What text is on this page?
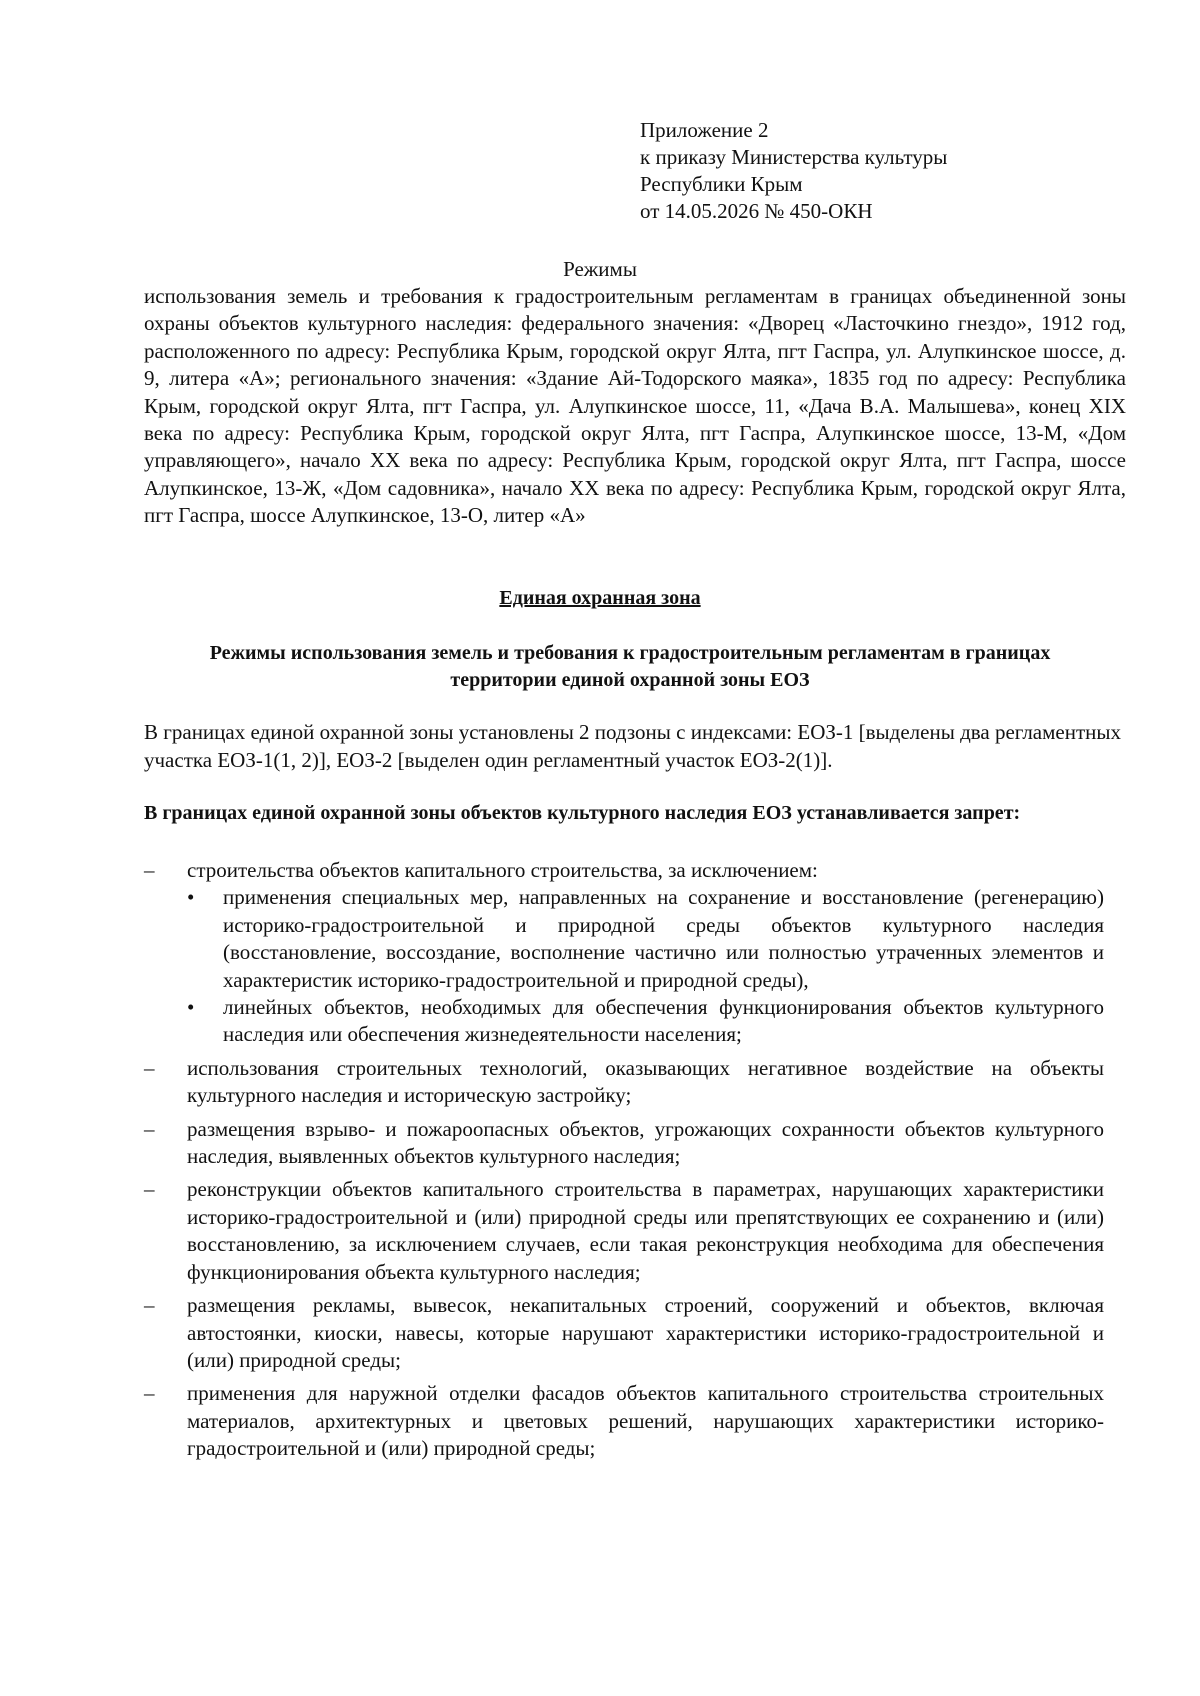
Приложение 2
к приказу Министерства культуры
Республики Крым
от 14.05.2026 № 450-ОКН
Режимы

использования земель и требования к градостроительным регламентам в границах объединенной зоны охраны объектов культурного наследия: федерального значения: «Дворец «Ласточкино гнездо», 1912 год, расположенного по адресу: Республика Крым, городской округ Ялта, пгт Гаспра, ул. Алупкинское шоссе, д. 9, литера «А»; регионального значения: «Здание Ай-Тодорского маяка», 1835 год по адресу: Республика Крым, городской округ Ялта, пгт Гаспра, ул. Алупкинское шоссе, 11, «Дача В.А. Малышева», конец XIX века по адресу: Республика Крым, городской округ Ялта, пгт Гаспра, Алупкинское шоссе, 13-М, «Дом управляющего», начало XX века по адресу: Республика Крым, городской округ Ялта, пгт Гаспра, шоссе Алупкинское, 13-Ж, «Дом садовника», начало XX века по адресу: Республика Крым, городской округ Ялта, пгт Гаспра, шоссе Алупкинское, 13-О, литер «А»

Единая охранная зона

Режимы использования земель и требования к градостроительным регламентам в границах территории единой охранной зоны ЕОЗ

В границах единой охранной зоны установлены 2 подзоны с индексами: ЕОЗ-1 [выделены два регламентных участка ЕОЗ-1(1, 2)], ЕОЗ-2 [выделен один регламентный участок ЕОЗ-2(1)].

В границах единой охранной зоны объектов культурного наследия ЕОЗ устанавливается запрет:

– строительства объектов капитального строительства, за исключением:
• применения специальных мер, направленных на сохранение и восстановление (регенерацию) историко-градостроительной и природной среды объектов культурного наследия (восстановление, воссоздание, восполнение частично или полностью утраченных элементов и характеристик историко-градостроительной и природной среды),
• линейных объектов, необходимых для обеспечения функционирования объектов культурного наследия или обеспечения жизнедеятельности населения;
– использования строительных технологий, оказывающих негативное воздействие на объекты культурного наследия и историческую застройку;
– размещения взрыво- и пожароопасных объектов, угрожающих сохранности объектов культурного наследия, выявленных объектов культурного наследия;
– реконструкции объектов капитального строительства в параметрах, нарушающих характеристики историко-градостроительной и (или) природной среды или препятствующих ее сохранению и (или) восстановлению, за исключением случаев, если такая реконструкция необходима для обеспечения функционирования объекта культурного наследия;
– размещения рекламы, вывесок, некапитальных строений, сооружений и объектов, включая автостоянки, киоски, навесы, которые нарушают характеристики историко-градостроительной и (или) природной среды;
– применения для наружной отделки фасадов объектов капитального строительства строительных материалов, архитектурных и цветовых решений, нарушающих характеристики историко-градостроительной и (или) природной среды;
